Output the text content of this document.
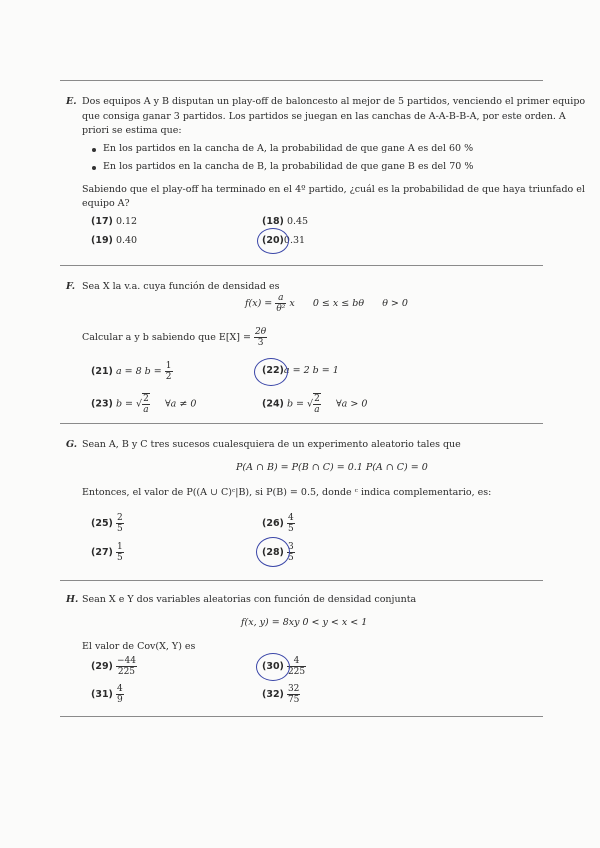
E. Dos equipos A y B disputan un play-off de baloncesto al mejor de 5 partidos, venciendo el primer equipo
que consiga ganar 3 partidos. Los partidos se juegan en las canchas de A-A-B-B-A, por este orden. A
priori se estima que:
En los partidos en la cancha de A, la probabilidad de que gane A es del 60 %
En los partidos en la cancha de B, la probabilidad de que gane B es del 70 %
Sabiendo que el play-off ha terminado en el 4º partido, ¿cuál es la probabilidad de que haya triunfado el
equipo A?
(17) 0.12	(18) 0.45
(19) 0.40	(20)0.31
F. Sea X la v.a. cuya función de densidad es
$f(x) = \frac{a}{\text{θ²}}$ x 0 ≤ x ≤ bθ θ > 0
Calcular a y b sabiendo que $E[X] = \frac{2\theta}{3}$
(21) a = 8 $b = \frac{1}{2}$	(22)a = 2 b = 1
(23) b = √ $\frac{2}{a}$ ∀a ≠ 0	(24) b = √ $\frac{2}{a}$ ∀a > 0
G. Sean A, B y C tres sucesos cualesquiera de un experimento aleatorio tales que
P(A ∩ B) = P(B ∩ C) = 0.1 P(A ∩ C) = 0
Entonces, el valor de P((A ∪ C)ᶜ|B), si P(B) = 0.5, donde ᶜ indica complementario, es:
$(25) \frac{2}{5}$	$(26) \frac{4}{5}$
$(27) \frac{1}{5}$	$(28) \frac{3}{5}$
H. Sean X e Y dos variables aleatorias con función de densidad conjunta
f(x, y) = 8xy 0 < y < x < 1
El valor de Cov(X, Y) es
$(29) \frac{-44}{225}$	$(30) \frac{4}{225}$
$(31) \frac{4}{9}$	$(32) \frac{32}{75}$
